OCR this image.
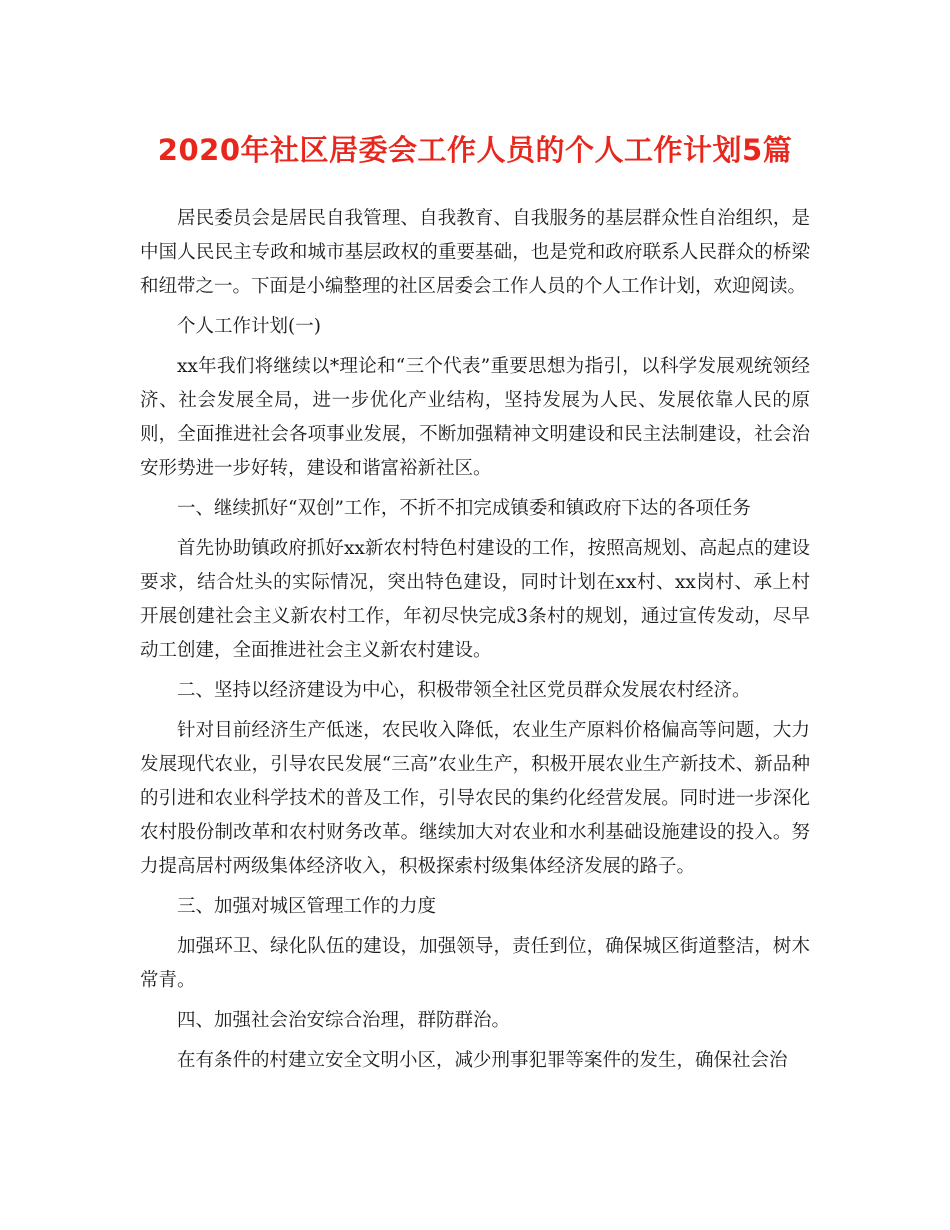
2020年社区居委会工作人员的个人工作计划5篇

居民委员会是居民自我管理、自我教育、自我服务的基层群众性自治组织，是中国人民民主专政和城市基层政权的重要基础，也是党和政府联系人民群众的桥梁和纽带之一。下面是小编整理的社区居委会工作人员的个人工作计划，欢迎阅读。

个人工作计划(一)

xx年我们将继续以*理论和“三个代表”重要思想为指引，以科学发展观统领经济、社会发展全局，进一步优化产业结构，坚持发展为人民、发展依靠人民的原则，全面推进社会各项事业发展，不断加强精神文明建设和民主法制建设，社会治安形势进一步好转，建设和谐富裕新社区。

一、继续抓好“双创”工作，不折不扣完成镇委和镇政府下达的各项任务

首先协助镇政府抓好xx新农村特色村建设的工作，按照高规划、高起点的建设要求，结合灶头的实际情况，突出特色建设，同时计划在xx村、xx岗村、承上村开展创建社会主义新农村工作，年初尽快完成3条村的规划，通过宣传发动，尽早动工创建，全面推进社会主义新农村建设。

二、坚持以经济建设为中心，积极带领全社区党员群众发展农村经济。

针对目前经济生产低迷，农民收入降低，农业生产原料价格偏高等问题，大力发展现代农业，引导农民发展“三高”农业生产，积极开展农业生产新技术、新品种的引进和农业科学技术的普及工作，引导农民的集约化经营发展。同时进一步深化农村股份制改革和农村财务改革。继续加大对农业和水利基础设施建设的投入。努力提高居村两级集体经济收入，积极探索村级集体经济发展的路子。

三、加强对城区管理工作的力度

加强环卫、绿化队伍的建设，加强领导，责任到位，确保城区街道整洁，树木常青。

四、加强社会治安综合治理，群防群治。

在有条件的村建立安全文明小区，减少刑事犯罪等案件的发生，确保社会治
